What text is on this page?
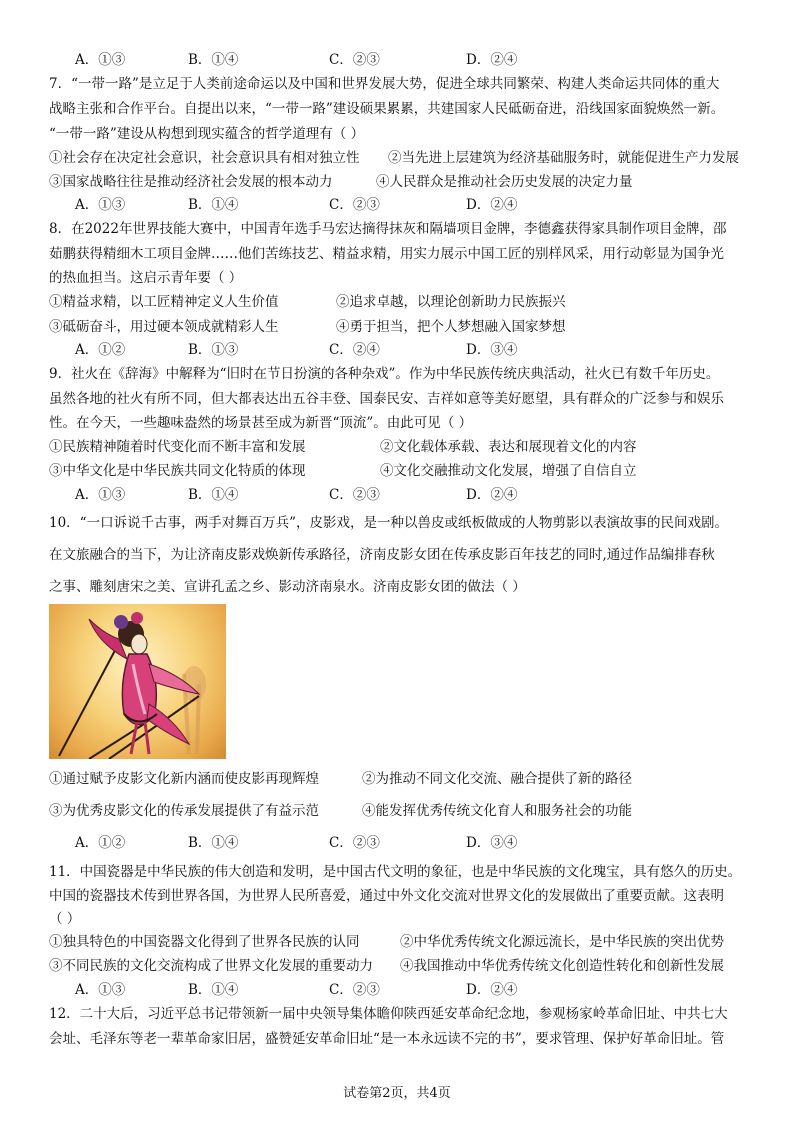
A．①③	B．①④	C．②③	D．②④
7．“一带一路”是立足于人类前途命运以及中国和世界发展大势，促进全球共同繁荣、构建人类命运共同体的重大
战略主张和合作平台。自提出以来，“一带一路”建设硕果累累，共建国家人民砥砺奋进，沿线国家面貌焕然一新。
“一带一路”建设从构想到现实蕴含的哲学道理有（ ）
①社会存在决定社会意识，社会意识具有相对独立性 ②当先进上层建筑为经济基础服务时，就能促进生产力发展
③国家战略往往是推动经济社会发展的根本动力	④人民群众是推动社会历史发展的决定力量
A．①③	B．①④	C．②③	D．②④
8．在2022年世界技能大赛中，中国青年选手马宏达摘得抹灰和隔墙项目金牌，李德鑫获得家具制作项目金牌，邵
茹鹏获得精细木工项目金牌……他们苦练技艺、精益求精，用实力展示中国工匠的别样风采，用行动彰显为国争光
的热血担当。这启示青年要（ ）
①精益求精，以工匠精神定义人生价值	②追求卓越，以理论创新助力民族振兴
③砥砺奋斗，用过硬本领成就精彩人生	④勇于担当，把个人梦想融入国家梦想
A．①②	B．①③	C．②④	D．③④
9．社火在《辞海》中解释为“旧时在节日扮演的各种杂戏”。作为中华民族传统庆典活动，社火已有数千年历史。
虽然各地的社火有所不同，但大都表达出五谷丰登、国泰民安、吉祥如意等美好愿望，具有群众的广泛参与和娱乐
性。在今天，一些趣味盎然的场景甚至成为新晋“顶流”。由此可见（ ）
①民族精神随着时代变化而不断丰富和发展	②文化载体承载、表达和展现着文化的内容
③中华文化是中华民族共同文化特质的体现	④文化交融推动文化发展，增强了自信自立
A．①③	B．①④	C．②③	D．②④
10．“一口诉说千古事，两手对舞百万兵”，皮影戏，是一种以兽皮或纸板做成的人物剪影以表演故事的民间戏剧。
在文旅融合的当下，为让济南皮影戏焕新传承路径，济南皮影女团在传承皮影百年技艺的同时,通过作品编排春秋
之事、雕刻唐宋之美、宣讲孔孟之乡、影动济南泉水。济南皮影女团的做法（ ）
①通过赋予皮影文化新内涵而使皮影再现辉煌	②为推动不同文化交流、融合提供了新的路径
③为优秀皮影文化的传承发展提供了有益示范	④能发挥优秀传统文化育人和服务社会的功能
A．①②	B．①④	C．②③	D．③④
11．中国瓷器是中华民族的伟大创造和发明，是中国古代文明的象征，也是中华民族的文化瑰宝，具有悠久的历史。
中国的瓷器技术传到世界各国，为世界人民所喜爱，通过中外文化交流对世界文化的发展做出了重要贡献。这表明
（ ）
①独具特色的中国瓷器文化得到了世界各民族的认同	②中华优秀传统文化源远流长，是中华民族的突出优势
③不同民族的文化交流构成了世界文化发展的重要动力 ④我国推动中华优秀传统文化创造性转化和创新性发展
A．①③	B．①④	C．②③	D．②④
12．二十大后，习近平总书记带领新一届中央领导集体瞻仰陕西延安革命纪念地，参观杨家岭革命旧址、中共七大
会址、毛泽东等老一辈革命家旧居，盛赞延安革命旧址“是一本永远读不完的书”，要求管理、保护好革命旧址。管
试卷第2页，共4页
